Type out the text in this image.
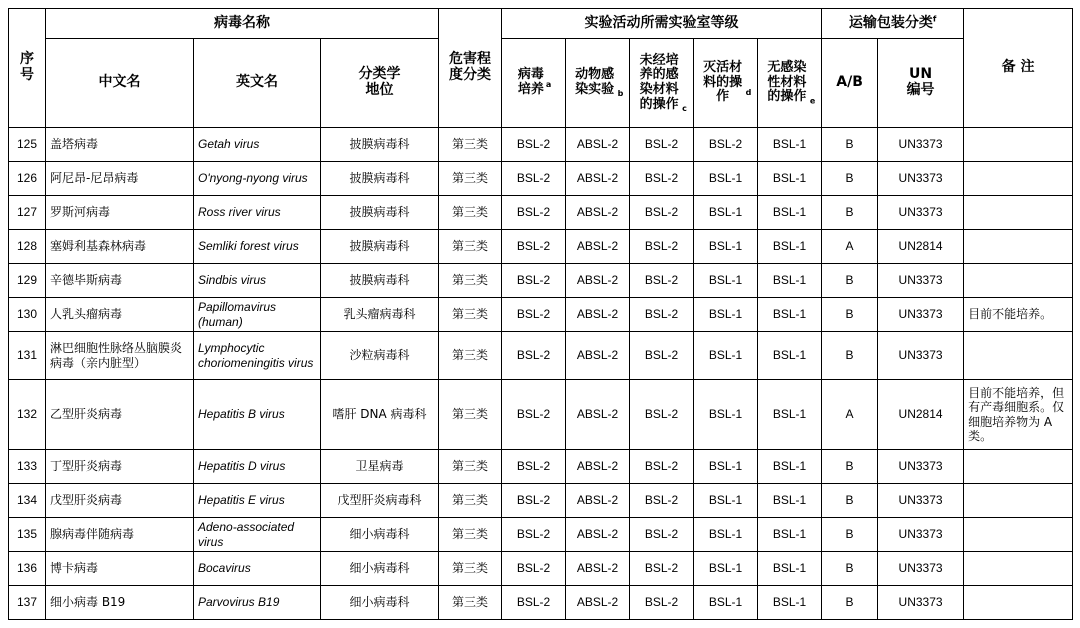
序号	病毒名称			危害程度分类	实验活动所需实验室等级					运输包装分类$^f$		备 注
	中文名	英文名	分类学地位		病毒培养 $^a$	动物感染实验 $_b$	未经培养的感染材料的操作 $_c$	灭活材料的操作 $^d$	无感染性材料的操作 $_e$	A/B	UN编号	
125	盖塔病毒	Getah virus	披膜病毒科	第三类	BSL-2	ABSL-2	BSL-2	BSL-2	BSL-1	B	UN3373	
126	阿尼昂-尼昂病毒	O'nyong-nyong virus	披膜病毒科	第三类	BSL-2	ABSL-2	BSL-2	BSL-1	BSL-1	B	UN3373	
127	罗斯河病毒	Ross river virus	披膜病毒科	第三类	BSL-2	ABSL-2	BSL-2	BSL-1	BSL-1	B	UN3373	
128	塞姆利基森林病毒	Semliki forest virus	披膜病毒科	第三类	BSL-2	ABSL-2	BSL-2	BSL-1	BSL-1	A	UN2814	
129	辛德毕斯病毒	Sindbis virus	披膜病毒科	第三类	BSL-2	ABSL-2	BSL-2	BSL-1	BSL-1	B	UN3373	
130	人乳头瘤病毒	Papillomavirus (human)	乳头瘤病毒科	第三类	BSL-2	ABSL-2	BSL-2	BSL-1	BSL-1	B	UN3373	目前不能培养。
131	淋巴细胞性脉络丛脑膜炎病毒（亲内脏型）	Lymphocytic choriomeningitis virus	沙粒病毒科	第三类	BSL-2	ABSL-2	BSL-2	BSL-1	BSL-1	B	UN3373	
132	乙型肝炎病毒	Hepatitis B virus	嗜肝 DNA 病毒科	第三类	BSL-2	ABSL-2	BSL-2	BSL-1	BSL-1	A	UN2814	目前不能培养，但有产毒细胞系。仅细胞培养物为 A 类。
133	丁型肝炎病毒	Hepatitis D virus	卫星病毒	第三类	BSL-2	ABSL-2	BSL-2	BSL-1	BSL-1	B	UN3373	
134	戊型肝炎病毒	Hepatitis E virus	戊型肝炎病毒科	第三类	BSL-2	ABSL-2	BSL-2	BSL-1	BSL-1	B	UN3373	
135	腺病毒伴随病毒	Adeno-associated virus	细小病毒科	第三类	BSL-2	ABSL-2	BSL-2	BSL-1	BSL-1	B	UN3373	
136	博卡病毒	Bocavirus	细小病毒科	第三类	BSL-2	ABSL-2	BSL-2	BSL-1	BSL-1	B	UN3373	
137	细小病毒 B19	Parvovirus B19	细小病毒科	第三类	BSL-2	ABSL-2	BSL-2	BSL-1	BSL-1	B	UN3373	
